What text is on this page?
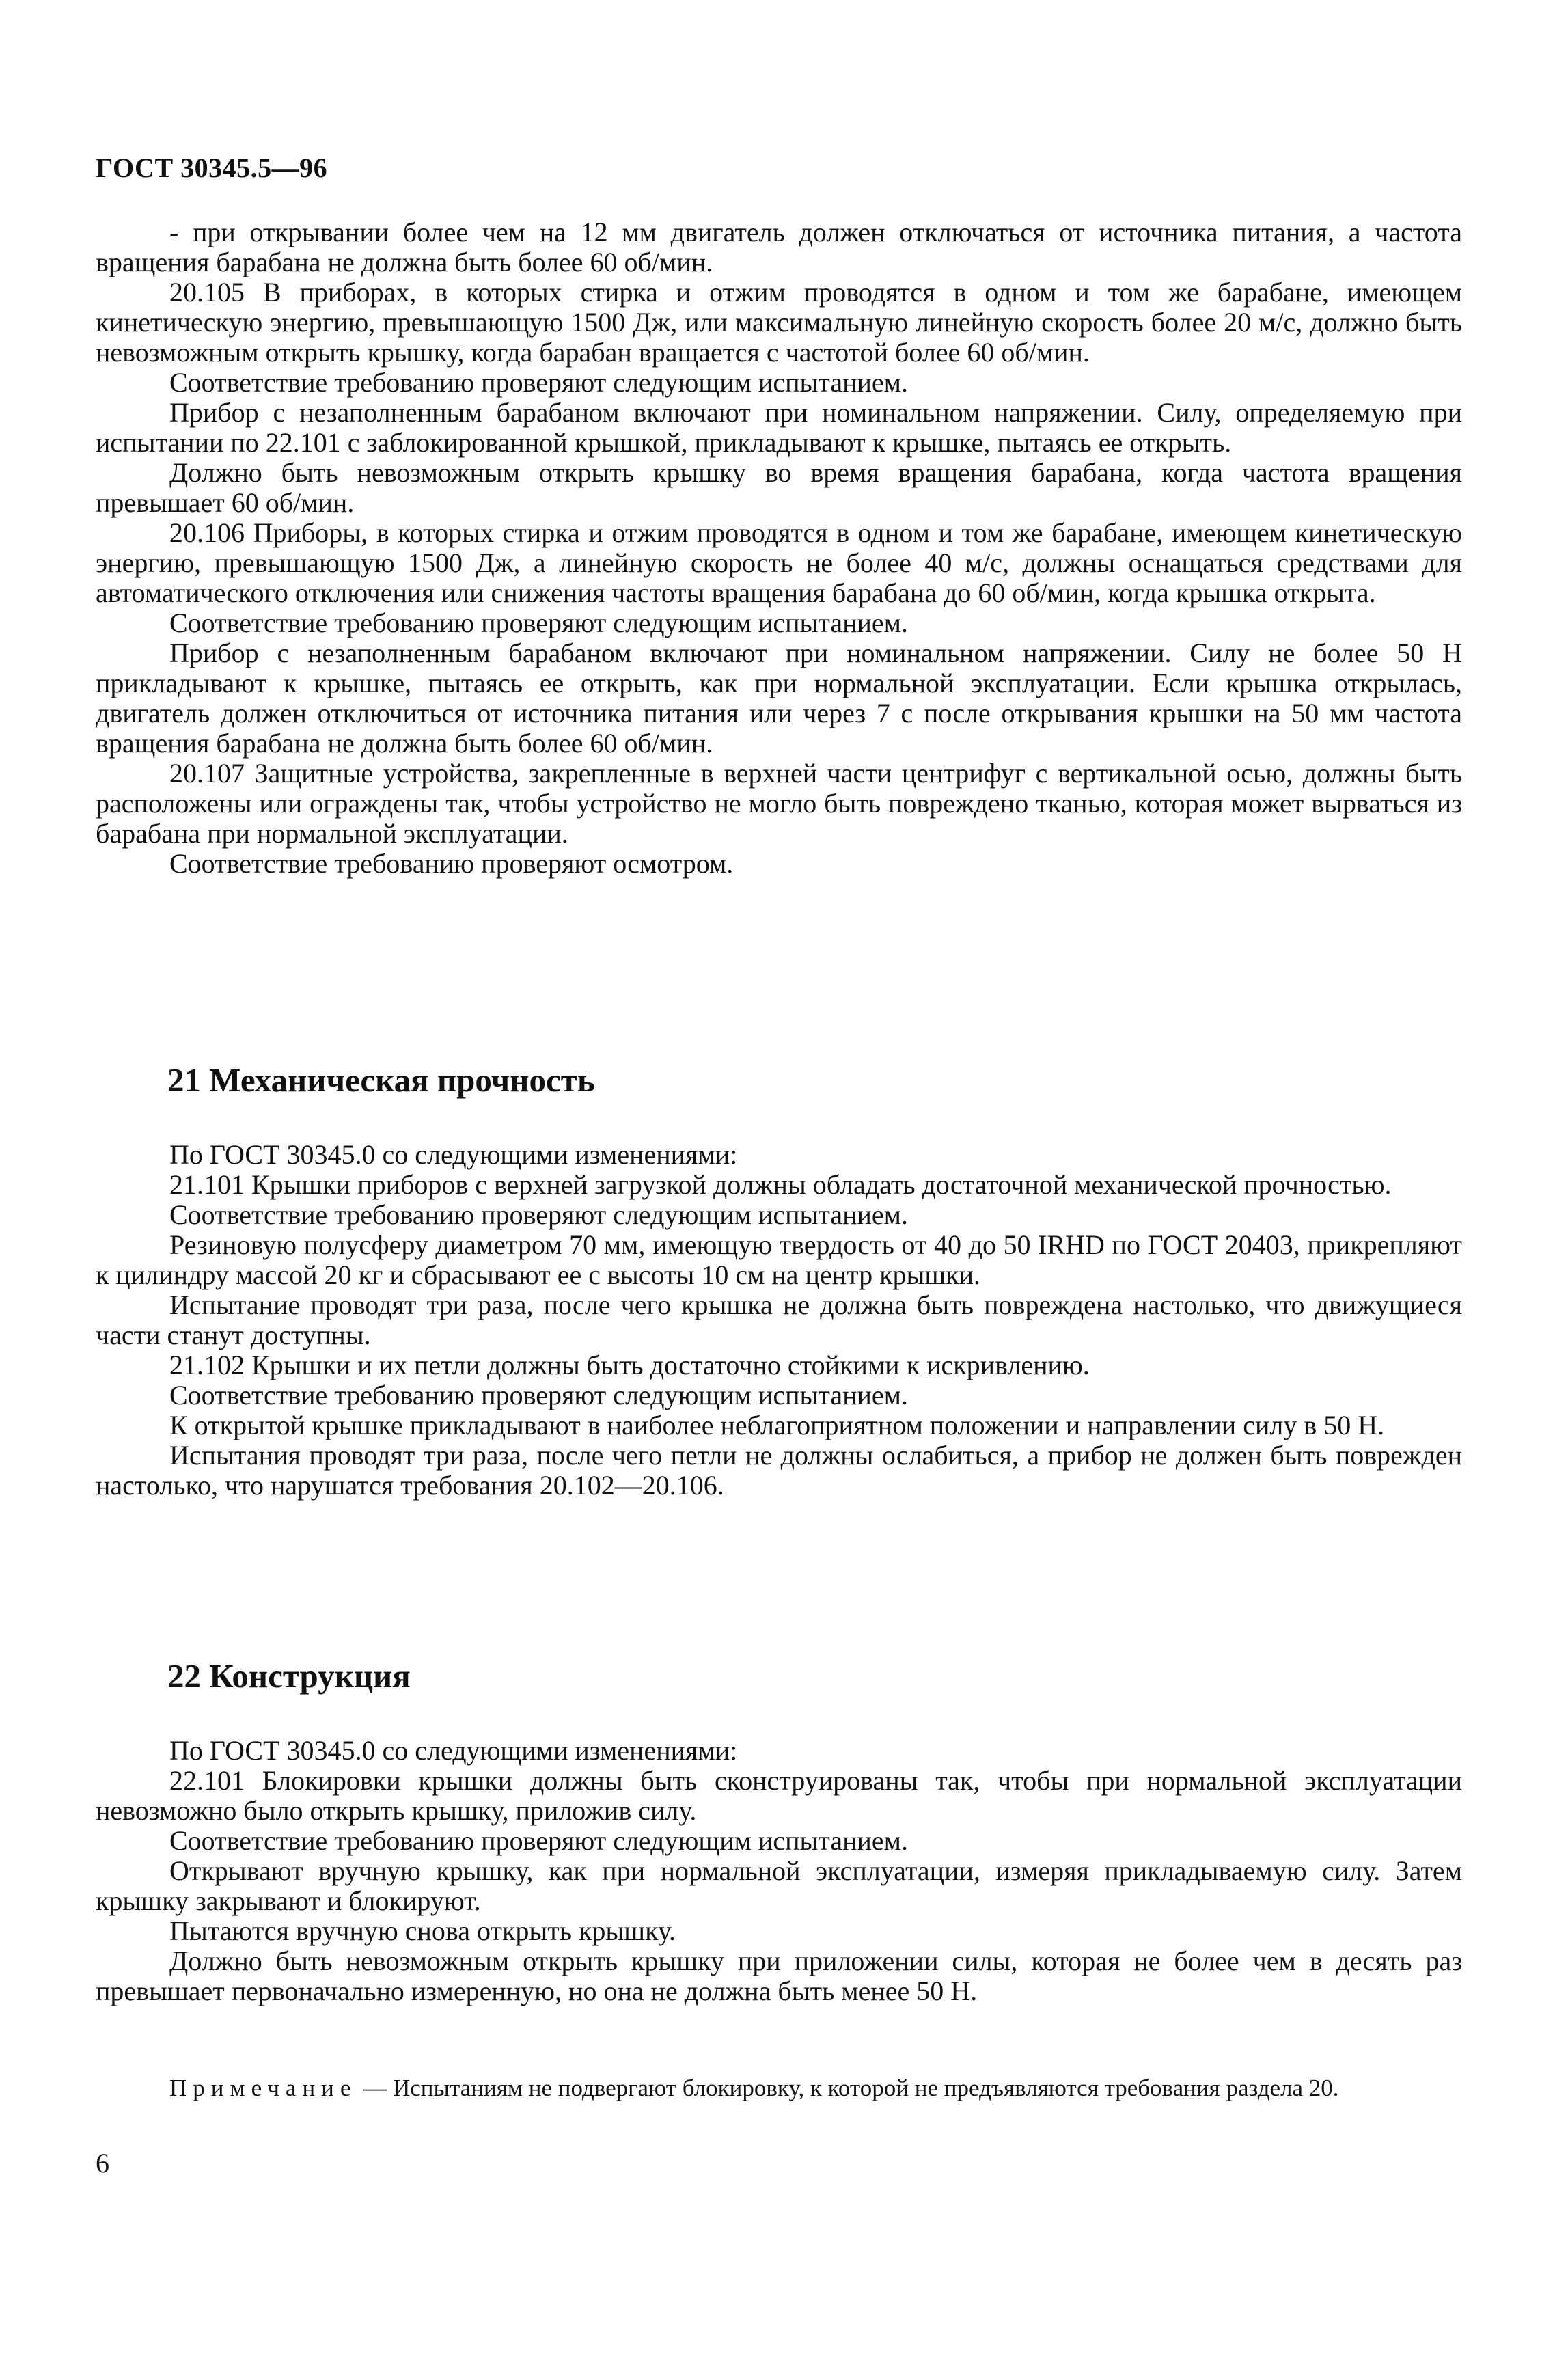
ГОСТ 30345.5—96

- при открывании более чем на 12 мм двигатель должен отключаться от источника питания, а частота вращения барабана не должна быть более 60 об/мин.

20.105 В приборах, в которых стирка и отжим проводятся в одном и том же барабане, имеющем кинетическую энергию, превышающую 1500 Дж, или максимальную линейную скорость более 20 м/с, должно быть невозможным открыть крышку, когда барабан вращается с частотой более 60 об/мин.

Соответствие требованию проверяют следующим испытанием.

Прибор с незаполненным барабаном включают при номинальном напряжении. Силу, определяемую при испытании по 22.101 с заблокированной крышкой, прикладывают к крышке, пытаясь ее открыть.

Должно быть невозможным открыть крышку во время вращения барабана, когда частота вращения превышает 60 об/мин.

20.106 Приборы, в которых стирка и отжим проводятся в одном и том же барабане, имеющем кинетическую энергию, превышающую 1500 Дж, а линейную скорость не более 40 м/с, должны оснащаться средствами для автоматического отключения или снижения частоты вращения барабана до 60 об/мин, когда крышка открыта.

Соответствие требованию проверяют следующим испытанием.

Прибор с незаполненным барабаном включают при номинальном напряжении. Силу не более 50 Н прикладывают к крышке, пытаясь ее открыть, как при нормальной эксплуатации. Если крышка открылась, двигатель должен отключиться от источника питания или через 7 с после открывания крышки на 50 мм частота вращения барабана не должна быть более 60 об/мин.

20.107 Защитные устройства, закрепленные в верхней части центрифуг с вертикальной осью, должны быть расположены или ограждены так, чтобы устройство не могло быть повреждено тканью, которая может вырваться из барабана при нормальной эксплуатации.

Соответствие требованию проверяют осмотром.

21 Механическая прочность

По ГОСТ 30345.0 со следующими изменениями:

21.101 Крышки приборов с верхней загрузкой должны обладать достаточной механической прочностью.

Соответствие требованию проверяют следующим испытанием.

Резиновую полусферу диаметром 70 мм, имеющую твердость от 40 до 50 IRHD по ГОСТ 20403, прикрепляют к цилиндру массой 20 кг и сбрасывают ее с высоты 10 см на центр крышки.

Испытание проводят три раза, после чего крышка не должна быть повреждена настолько, что движущиеся части станут доступны.

21.102 Крышки и их петли должны быть достаточно стойкими к искривлению.

Соответствие требованию проверяют следующим испытанием.

К открытой крышке прикладывают в наиболее неблагоприятном положении и направлении силу в 50 Н.

Испытания проводят три раза, после чего петли не должны ослабиться, а прибор не должен быть поврежден настолько, что нарушатся требования 20.102—20.106.

22 Конструкция

По ГОСТ 30345.0 со следующими изменениями:

22.101 Блокировки крышки должны быть сконструированы так, чтобы при нормальной эксплуатации невозможно было открыть крышку, приложив силу.

Соответствие требованию проверяют следующим испытанием.

Открывают вручную крышку, как при нормальной эксплуатации, измеряя прикладываемую силу. Затем крышку закрывают и блокируют.

Пытаются вручную снова открыть крышку.

Должно быть невозможным открыть крышку при приложении силы, которая не более чем в десять раз превышает первоначально измеренную, но она не должна быть менее 50 Н.

Примечание — Испытаниям не подвергают блокировку, к которой не предъявляются требования раздела 20.
6
